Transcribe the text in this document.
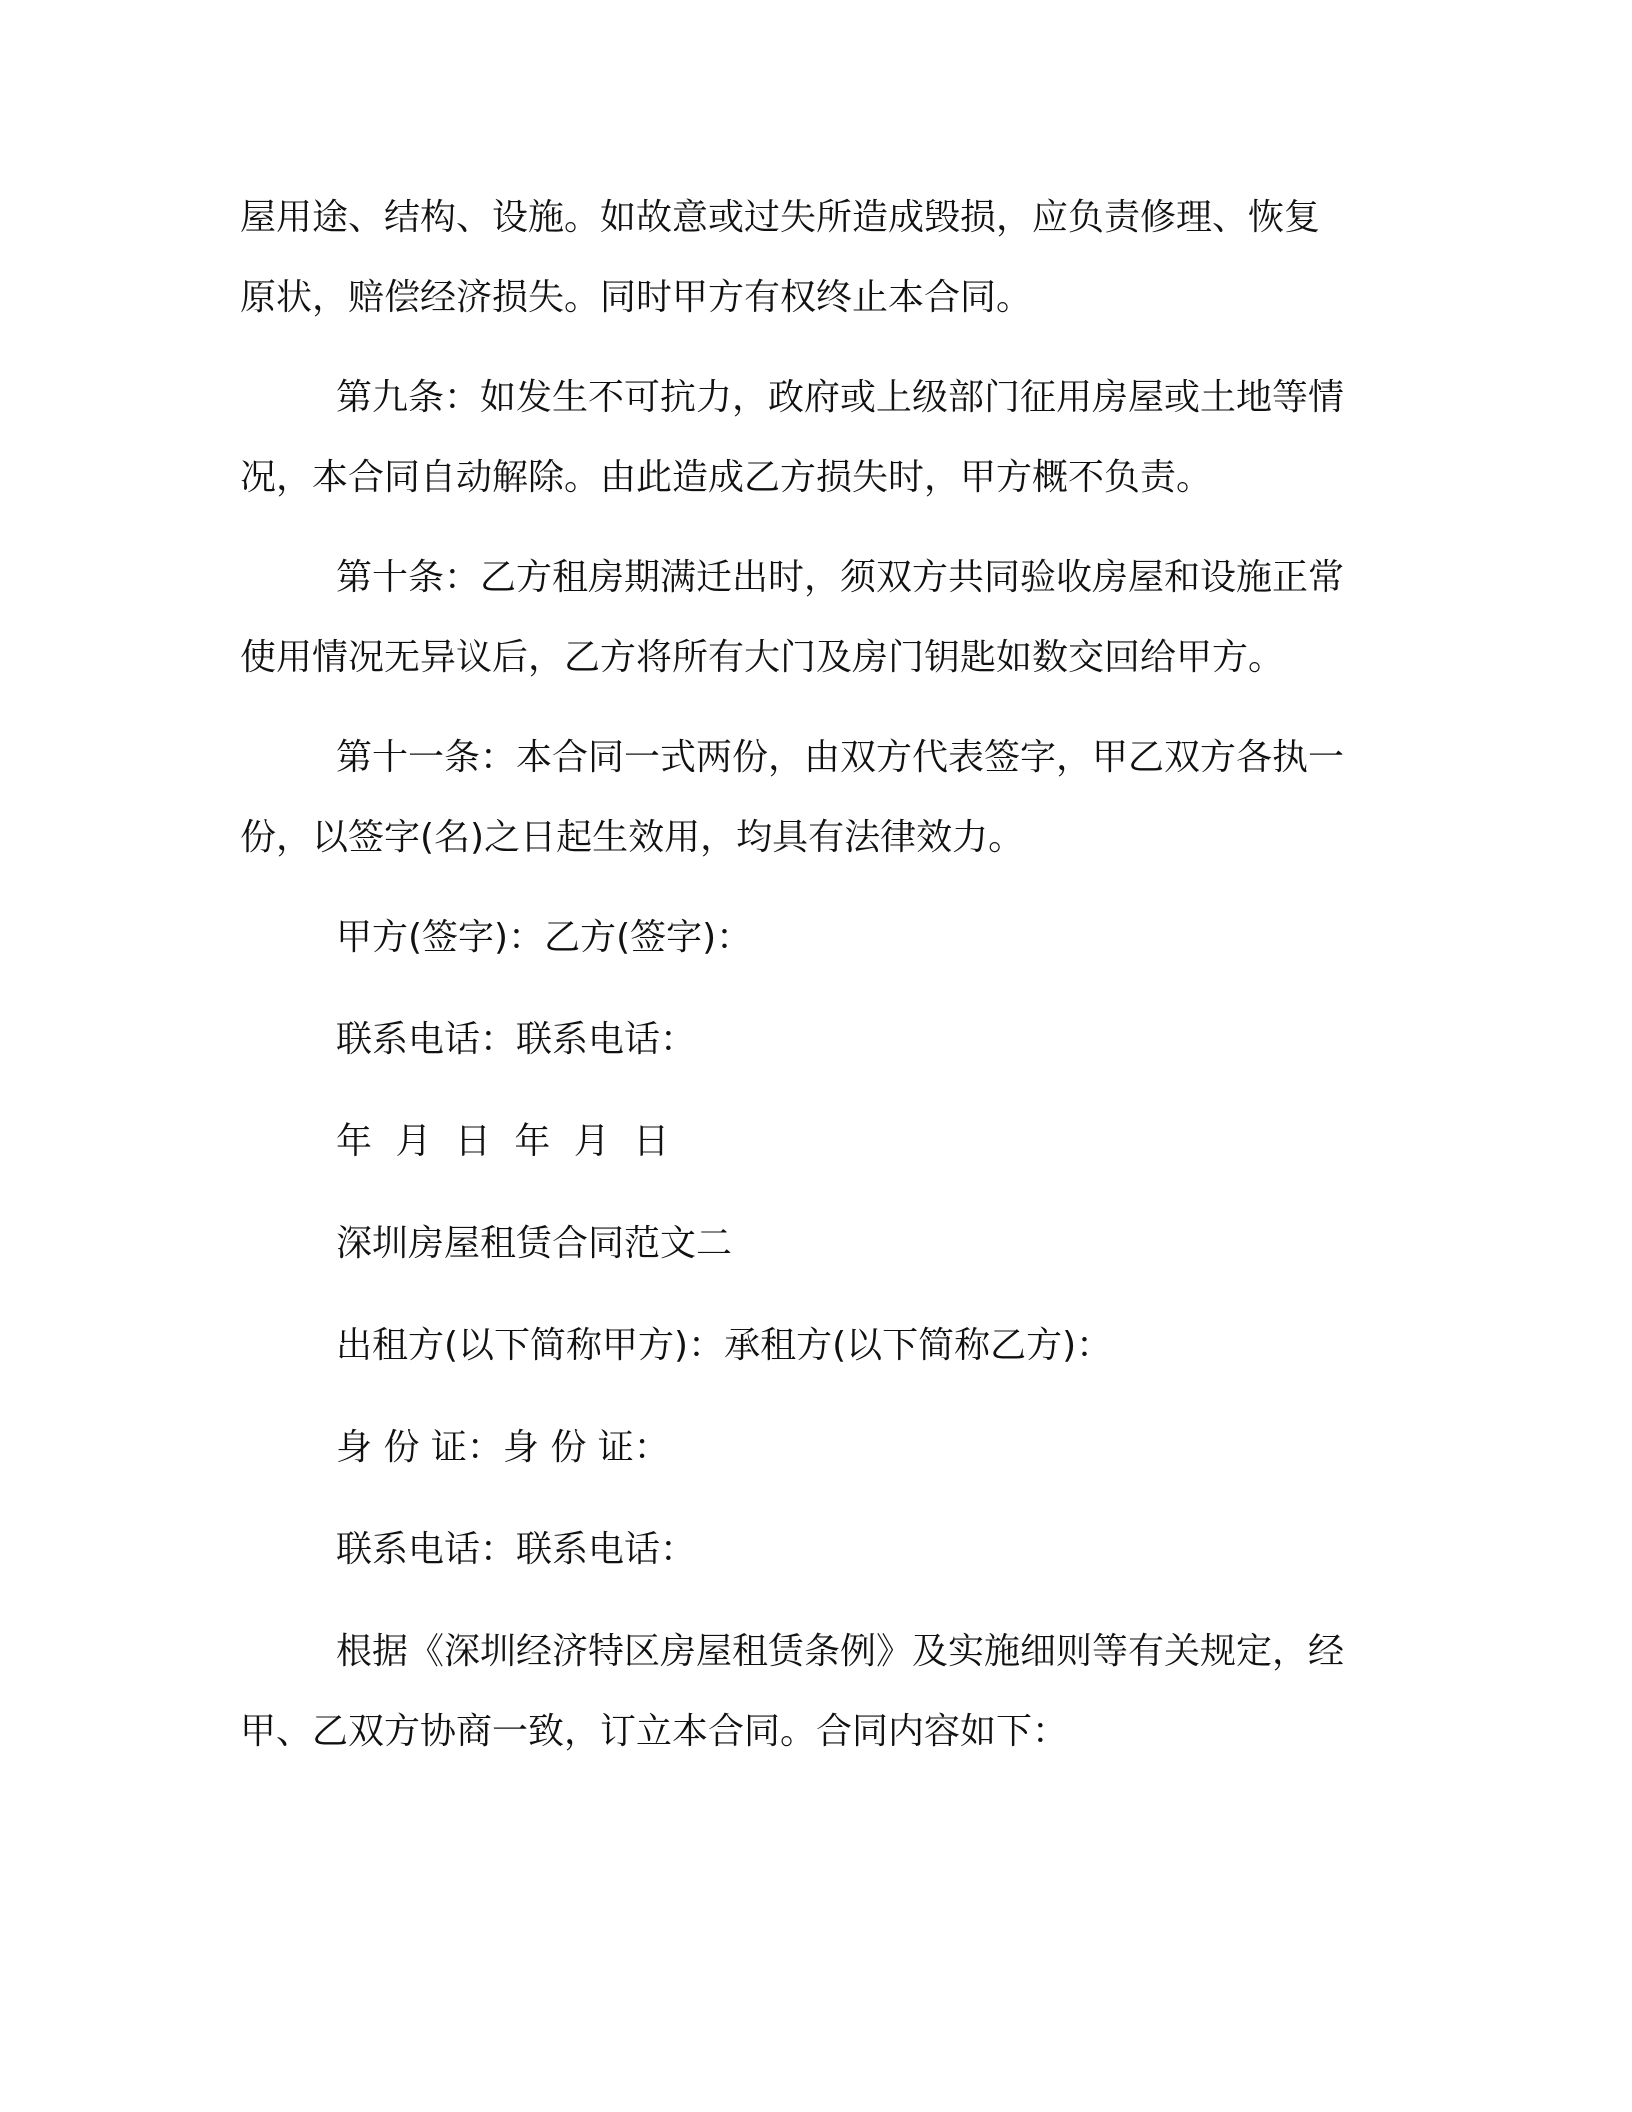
屋用途、结构、设施。如故意或过失所造成毁损，应负责修理、恢复
原状，赔偿经济损失。同时甲方有权终止本合同。

第九条：如发生不可抗力，政府或上级部门征用房屋或土地等情
况，本合同自动解除。由此造成乙方损失时，甲方概不负责。

第十条：乙方租房期满迁出时，须双方共同验收房屋和设施正常
使用情况无异议后，乙方将所有大门及房门钥匙如数交回给甲方。

第十一条：本合同一式两份，由双方代表签字，甲乙双方各执一
份，以签字(名)之日起生效用，均具有法律效力。

甲方(签字)：乙方(签字)：

联系电话：联系电话：

年 月 日 年 月 日

深圳房屋租赁合同范文二

出租方(以下简称甲方)：承租方(以下简称乙方)：

身 份 证：身 份 证：

联系电话：联系电话：

根据《深圳经济特区房屋租赁条例》及实施细则等有关规定，经
甲、乙双方协商一致，订立本合同。合同内容如下：
